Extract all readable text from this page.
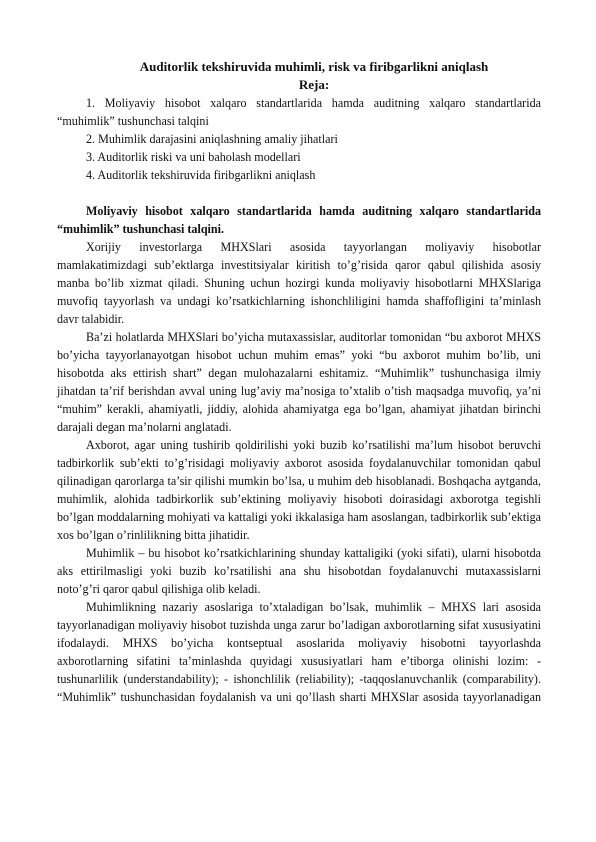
Auditorlik tekshiruvida muhimli, risk va firibgarlikni aniqlash
Reja:

1. Moliyaviy hisobot xalqaro standartlarida hamda auditning xalqaro standartlarida “muhimlik” tushunchasi talqini

2. Muhimlik darajasini aniqlashning amaliy jihatlari

3. Auditorlik riski va uni baholash modellari

4. Auditorlik tekshiruvida firibgarlikni aniqlash

Moliyaviy hisobot xalqaro standartlarida hamda auditning xalqaro standartlarida “muhimlik” tushunchasi talqini.

Xorijiy investorlarga MHXSlari asosida tayyorlangan moliyaviy hisobotlar mamlakatimizdagi sub’ektlarga investitsiyalar kiritish to’g’risida qaror qabul qilishida asosiy manba bo’lib xizmat qiladi. Shuning uchun hozirgi kunda moliyaviy hisobotlarni MHXSlariga muvofiq tayyorlash va undagi ko’rsatkichlarning ishonchliligini hamda shaffofligini ta’minlash davr talabidir.

Ba’zi holatlarda MHXSlari bo’yicha mutaxassislar, auditorlar tomonidan “bu axborot MHXS bo’yicha tayyorlanayotgan hisobot uchun muhim emas” yoki “bu axborot muhim bo’lib, uni hisobotda aks ettirish shart” degan mulohazalarni eshitamiz. “Muhimlik” tushunchasiga ilmiy jihatdan ta’rif berishdan avval uning lug’aviy ma’nosiga to’xtalib o’tish maqsadga muvofiq, ya’ni “muhim” kerakli, ahamiyatli, jiddiy, alohida ahamiyatga ega bo’lgan, ahamiyat jihatdan birinchi darajali degan ma’nolarni anglatadi.

Axborot, agar uning tushirib qoldirilishi yoki buzib ko’rsatilishi ma’lum hisobot beruvchi tadbirkorlik sub’ekti to’g’risidagi moliyaviy axborot asosida foydalanuvchilar tomonidan qabul qilinadigan qarorlarga ta’sir qilishi mumkin bo’lsa, u muhim deb hisoblanadi. Boshqacha aytganda, muhimlik, alohida tadbirkorlik sub’ektining moliyaviy hisoboti doirasidagi axborotga tegishli bo’lgan moddalarning mohiyati va kattaligi yoki ikkalasiga ham asoslangan, tadbirkorlik sub’ektiga xos bo’lgan o’rinlilikning bitta jihatidir.

Muhimlik – bu hisobot ko’rsatkichlarining shunday kattaligiki (yoki sifati), ularni hisobotda aks ettirilmasligi yoki buzib ko’rsatilishi ana shu hisobotdan foydalanuvchi mutaxassislarni noto’g’ri qaror qabul qilishiga olib keladi.

Muhimlikning nazariy asoslariga to’xtaladigan bo’lsak, muhimlik – MHXS lari asosida tayyorlanadigan moliyaviy hisobot tuzishda unga zarur bo’ladigan axborotlarning sifat xususiyatini ifodalaydi. MHXS bo’yicha kontseptual asoslarida moliyaviy hisobotni tayyorlashda axborotlarning sifatini ta’minlashda quyidagi xususiyatlari ham e’tiborga olinishi lozim: - tushunarlilik (understandability); - ishonchlilik (reliability); -taqqoslanuvchanlik (comparability). “Muhimlik” tushunchasidan foydalanish va uni qo’llash sharti MHXSlar asosida tayyorlanadigan
